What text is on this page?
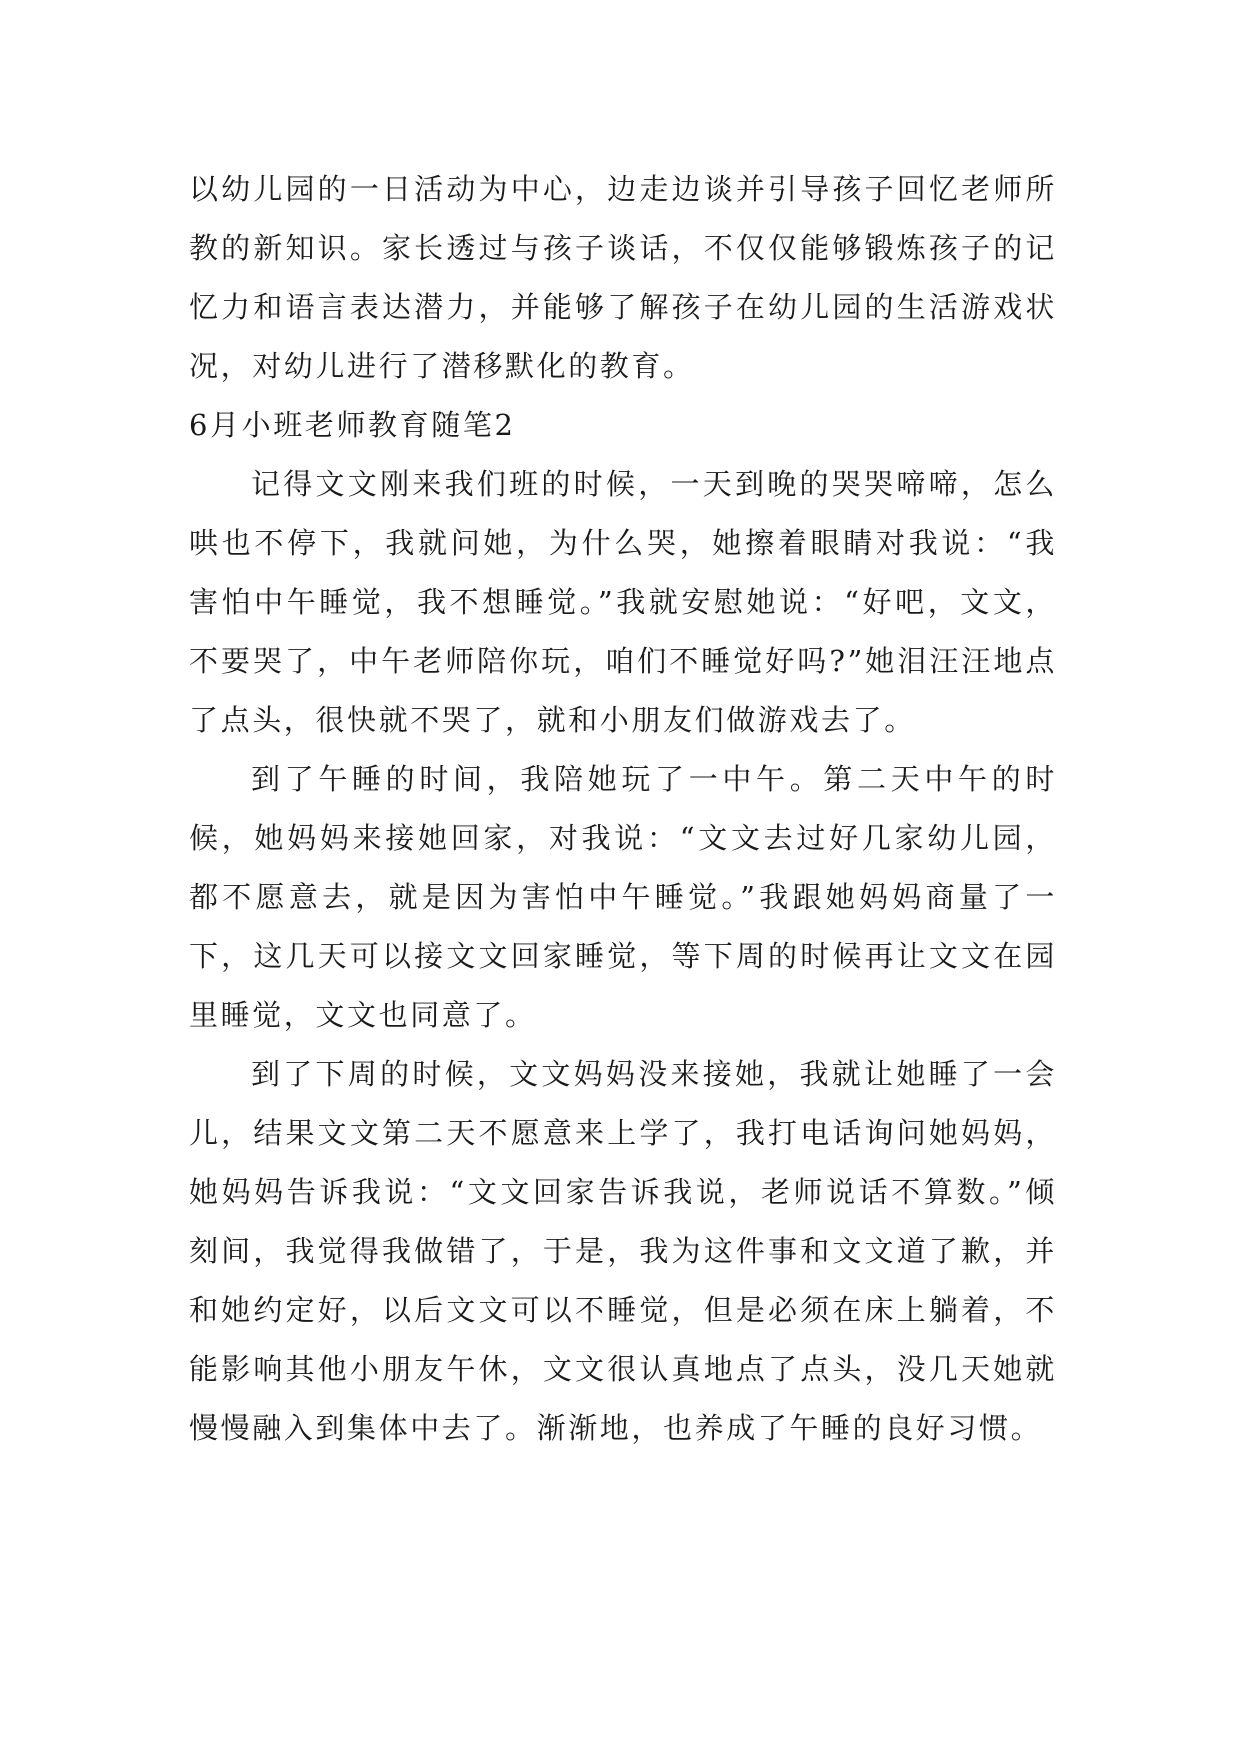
以幼儿园的一日活动为中心，边走边谈并引导孩子回忆老师所教的新知识。家长透过与孩子谈话，不仅仅能够锻炼孩子的记忆力和语言表达潜力，并能够了解孩子在幼儿园的生活游戏状况，对幼儿进行了潜移默化的教育。

6月小班老师教育随笔2

记得文文刚来我们班的时候，一天到晚的哭哭啼啼，怎么哄也不停下，我就问她，为什么哭，她擦着眼睛对我说：“我害怕中午睡觉，我不想睡觉。”我就安慰她说：“好吧，文文，不要哭了，中午老师陪你玩，咱们不睡觉好吗?”她泪汪汪地点了点头，很快就不哭了，就和小朋友们做游戏去了。

到了午睡的时间，我陪她玩了一中午。第二天中午的时候，她妈妈来接她回家，对我说：“文文去过好几家幼儿园，都不愿意去，就是因为害怕中午睡觉。”我跟她妈妈商量了一下，这几天可以接文文回家睡觉，等下周的时候再让文文在园里睡觉，文文也同意了。

到了下周的时候，文文妈妈没来接她，我就让她睡了一会儿，结果文文第二天不愿意来上学了，我打电话询问她妈妈，她妈妈告诉我说：“文文回家告诉我说，老师说话不算数。”倾刻间，我觉得我做错了，于是，我为这件事和文文道了歉，并和她约定好，以后文文可以不睡觉，但是必须在床上躺着，不能影响其他小朋友午休，文文很认真地点了点头，没几天她就慢慢融入到集体中去了。渐渐地，也养成了午睡的良好习惯。
